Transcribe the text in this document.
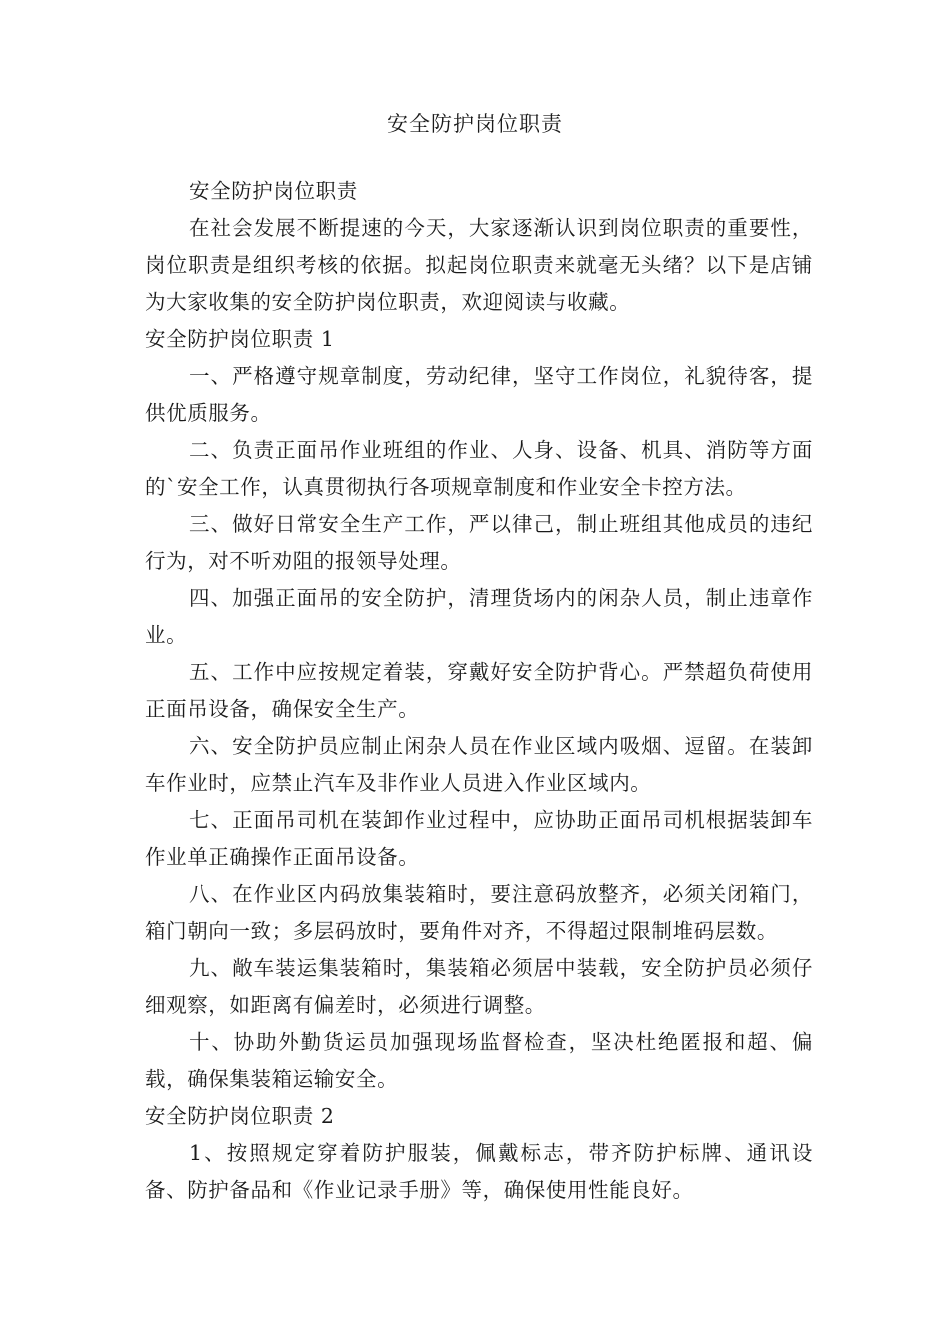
安全防护岗位职责

安全防护岗位职责

在社会发展不断提速的今天，大家逐渐认识到岗位职责的重要性，岗位职责是组织考核的依据。拟起岗位职责来就毫无头绪？以下是店铺为大家收集的安全防护岗位职责，欢迎阅读与收藏。

安全防护岗位职责 1

一、严格遵守规章制度，劳动纪律，坚守工作岗位，礼貌待客，提供优质服务。

二、负责正面吊作业班组的作业、人身、设备、机具、消防等方面的`安全工作，认真贯彻执行各项规章制度和作业安全卡控方法。

三、做好日常安全生产工作，严以律己，制止班组其他成员的违纪行为，对不听劝阻的报领导处理。

四、加强正面吊的安全防护，清理货场内的闲杂人员，制止违章作业。

五、工作中应按规定着装，穿戴好安全防护背心。严禁超负荷使用正面吊设备，确保安全生产。

六、安全防护员应制止闲杂人员在作业区域内吸烟、逗留。在装卸车作业时，应禁止汽车及非作业人员进入作业区域内。

七、正面吊司机在装卸作业过程中，应协助正面吊司机根据装卸车作业单正确操作正面吊设备。

八、在作业区内码放集装箱时，要注意码放整齐，必须关闭箱门，箱门朝向一致；多层码放时，要角件对齐，不得超过限制堆码层数。

九、敞车装运集装箱时，集装箱必须居中装载，安全防护员必须仔细观察，如距离有偏差时，必须进行调整。

十、协助外勤货运员加强现场监督检查，坚决杜绝匿报和超、偏载，确保集装箱运输安全。

安全防护岗位职责 2

1、按照规定穿着防护服装，佩戴标志，带齐防护标牌、通讯设备、防护备品和《作业记录手册》等，确保使用性能良好。
